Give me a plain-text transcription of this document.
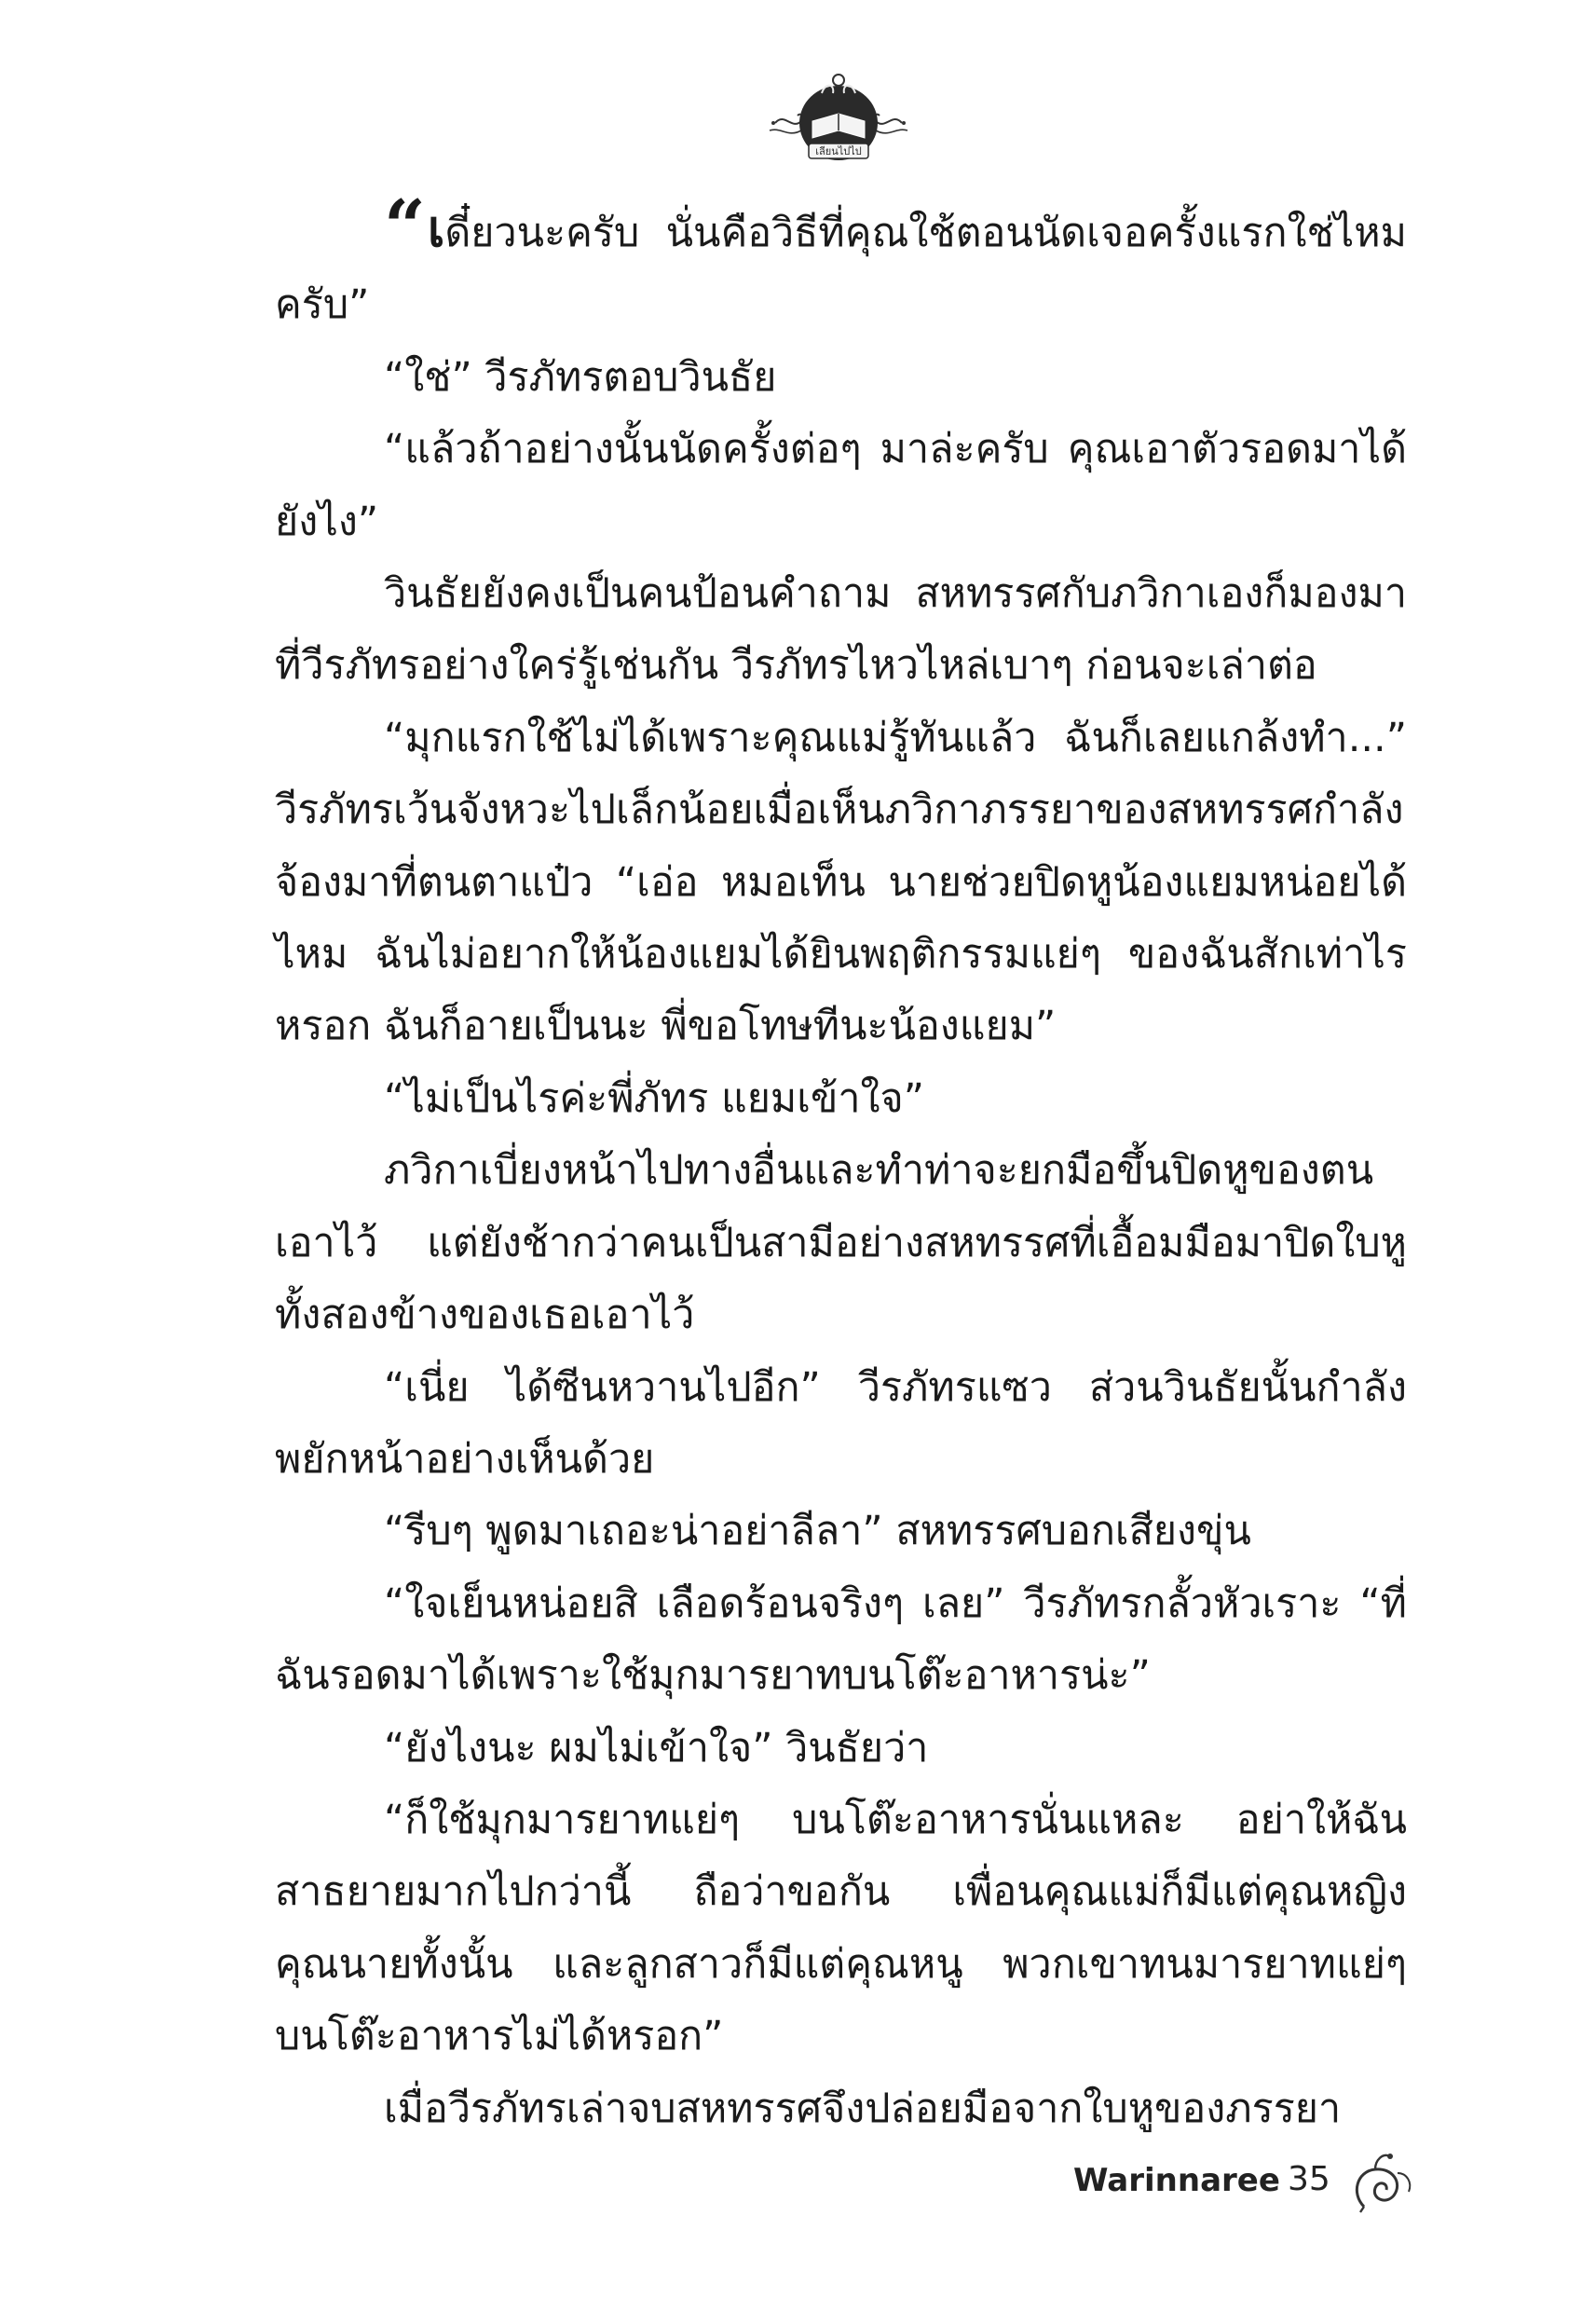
เลียนไปไป

“เดี๋ยวนะครับ นั่นคือวิธีที่คุณใช้ตอนนัดเจอครั้งแรกใช่ไหมครับ”

“ใช่” วีรภัทรตอบวินธัย

“แล้วถ้าอย่างนั้นนัดครั้งต่อๆ มาล่ะครับ คุณเอาตัวรอดมาได้ยังไง”

วินธัยยังคงเป็นคนป้อนคำถาม สหทรรศกับภวิกาเองก็มองมาที่วีรภัทรอย่างใคร่รู้เช่นกัน วีรภัทรไหวไหล่เบาๆ ก่อนจะเล่าต่อ

“มุกแรกใช้ไม่ได้เพราะคุณแม่รู้ทันแล้ว ฉันก็เลยแกล้งทำ...” วีรภัทรเว้นจังหวะไปเล็กน้อยเมื่อเห็นภวิกาภรรยาของสหทรรศกำลังจ้องมาที่ตนตาแป๋ว “เอ่อ หมอเท็น นายช่วยปิดหูน้องแยมหน่อยได้ไหม ฉันไม่อยากให้น้องแยมได้ยินพฤติกรรมแย่ๆ ของฉันสักเท่าไรหรอก ฉันก็อายเป็นนะ พี่ขอโทษทีนะน้องแยม”

“ไม่เป็นไรค่ะพี่ภัทร แยมเข้าใจ”

ภวิกาเบี่ยงหน้าไปทางอื่นและทำท่าจะยกมือขึ้นปิดหูของตนเอาไว้ แต่ยังช้ากว่าคนเป็นสามีอย่างสหทรรศที่เอื้อมมือมาปิดใบหูทั้งสองข้างของเธอเอาไว้

“เนี่ย ได้ซีนหวานไปอีก” วีรภัทรแซว ส่วนวินธัยนั้นกำลังพยักหน้าอย่างเห็นด้วย

“รีบๆ พูดมาเถอะน่าอย่าลีลา” สหทรรศบอกเสียงขุ่น

“ใจเย็นหน่อยสิ เลือดร้อนจริงๆ เลย” วีรภัทรกลั้วหัวเราะ “ที่ฉันรอดมาได้เพราะใช้มุกมารยาทบนโต๊ะอาหารน่ะ”

“ยังไงนะ ผมไม่เข้าใจ” วินธัยว่า

“ก็ใช้มุกมารยาทแย่ๆ บนโต๊ะอาหารนั่นแหละ อย่าให้ฉันสาธยายมากไปกว่านี้ ถือว่าขอกัน เพื่อนคุณแม่ก็มีแต่คุณหญิงคุณนายทั้งนั้น และลูกสาวก็มีแต่คุณหนู พวกเขาทนมารยาทแย่ๆ บนโต๊ะอาหารไม่ได้หรอก”

เมื่อวีรภัทรเล่าจบสหทรรศจึงปล่อยมือจากใบหูของภรรยา

Warinnaree 35
